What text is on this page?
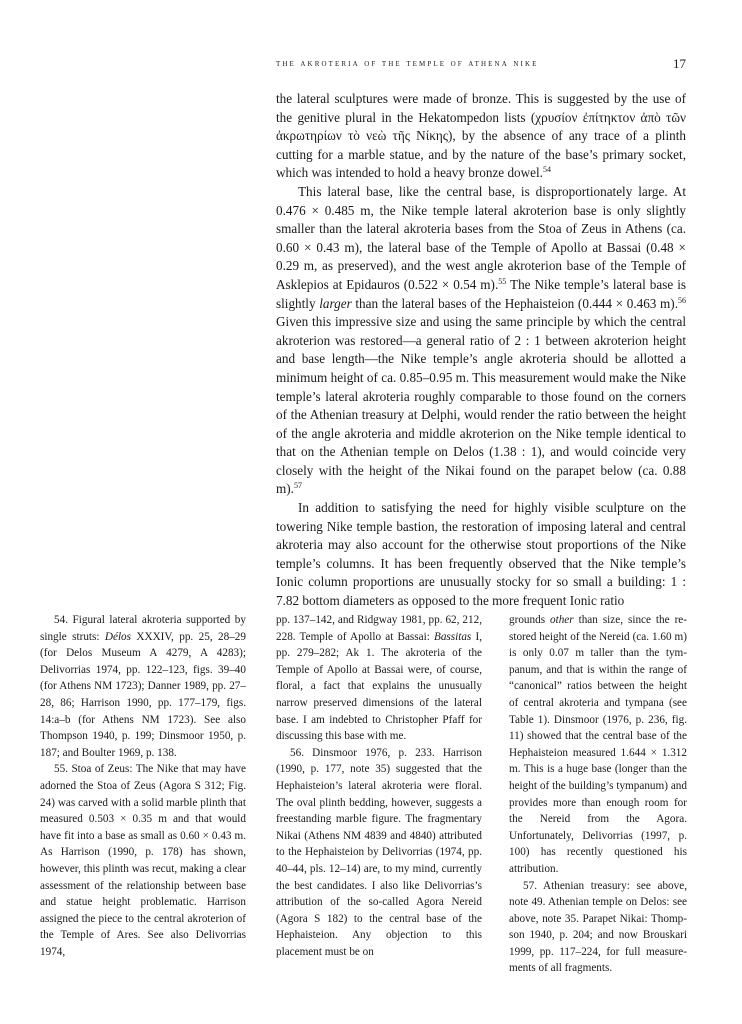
the akroteria of the temple of athena nike	17

the lateral sculptures were made of bronze. This is suggested by the use of the genitive plural in the Hekatompedon lists (χρυσίον ἐπίτηκτον ἀπὸ τῶν ἀκρωτηρίων τὸ νεὼ τῆς Νίκης), by the absence of any trace of a plinth cutting for a marble statue, and by the nature of the base’s primary socket, which was intended to hold a heavy bronze dowel.$^{54}$

This lateral base, like the central base, is disproportionately large. At 0.476 × 0.485 m, the Nike temple lateral akroterion base is only slightly smaller than the lateral akroteria bases from the Stoa of Zeus in Athens (ca. 0.60 × 0.43 m), the lateral base of the Temple of Apollo at Bassai (0.48 × 0.29 m, as preserved), and the west angle akroterion base of the Temple of Asklepios at Epidauros (0.522 × 0.54 m).$^{55}$ The Nike temple’s lateral base is slightly larger than the lateral bases of the Hephaisteion (0.444 × 0.463 m).$^{56}$ Given this impressive size and using the same principle by which the central akroterion was restored—a general ratio of 2 : 1 between akroterion height and base length—the Nike temple’s angle akroteria should be allotted a minimum height of ca. 0.85–0.95 m. This measurement would make the Nike temple’s lateral akroteria roughly comparable to those found on the corners of the Athenian treasury at Delphi, would render the ratio between the height of the angle akroteria and middle akroterion on the Nike temple identical to that on the Athenian temple on Delos (1.38 : 1), and would coincide very closely with the height of the Nikai found on the parapet below (ca. 0.88 m).$^{57}$

In addition to satisfying the need for highly visible sculpture on the towering Nike temple bastion, the restoration of imposing lateral and central akroteria may also account for the otherwise stout proportions of the Nike temple’s columns. It has been frequently observed that the Nike temple’s Ionic column proportions are unusually stocky for so small a building: 1 : 7.82 bottom diameters as opposed to the more frequent Ionic ratio

54. Figural lateral akroteria supported by single struts: Délos XXXIV, pp. 25, 28–29 (for Delos Museum A 4279, A 4283); Delivorrias 1974, pp. 122–123, figs. 39–40 (for Athens NM 1723); Danner 1989, pp. 27–28, 86; Harrison 1990, pp. 177–179, figs. 14:a–b (for Athens NM 1723). See also Thompson 1940, p. 199; Dinsmoor 1950, p. 187; and Boulter 1969, p. 138.

55. Stoa of Zeus: The Nike that may have adorned the Stoa of Zeus (Agora S 312; Fig. 24) was carved with a solid marble plinth that measured 0.503 × 0.35 m and that would have fit into a base as small as 0.60 × 0.43 m. As Harrison (1990, p. 178) has shown, however, this plinth was recut, making a clear assessment of the relationship between base and statue height problematic. Harrison assigned the piece to the central akroterion of the Temple of Ares. See also Delivorrias 1974,

pp. 137–142, and Ridgway 1981, pp. 62, 212, 228. Temple of Apollo at Bassai: Bassitas I, pp. 279–282; Ak 1. The akroteria of the Temple of Apollo at Bassai were, of course, floral, a fact that explains the unusually narrow preserved dimensions of the lateral base. I am indebted to Christopher Pfaff for discussing this base with me.

56. Dinsmoor 1976, p. 233. Harrison (1990, p. 177, note 35) suggested that the Hephaisteion’s lateral akroteria were floral. The oval plinth bedding, however, suggests a freestanding marble figure. The fragmentary Nikai (Athens NM 4839 and 4840) attributed to the Hephaisteion by Delivorrias (1974, pp. 40–44, pls. 12–14) are, to my mind, currently the best candidates. I also like Delivorrias’s attribution of the so-called Agora Nereid (Agora S 182) to the central base of the Hephaisteion. Any objection to this placement must be on

grounds other than size, since the restored height of the Nereid (ca. 1.60 m) is only 0.07 m taller than the tympanum, and that is within the range of “canonical” ratios between the height of central akroteria and tympana (see Table 1). Dinsmoor (1976, p. 236, fig. 11) showed that the central base of the Hephaisteion measured 1.644 × 1.312 m. This is a huge base (longer than the height of the building’s tympanum) and provides more than enough room for the Nereid from the Agora. Unfortunately, Delivorrias (1997, p. 100) has recently questioned his attribution.

57. Athenian treasury: see above, note 49. Athenian temple on Delos: see above, note 35. Parapet Nikai: Thompson 1940, p. 204; and now Brouskari 1999, pp. 117–224, for full measurements of all fragments.
